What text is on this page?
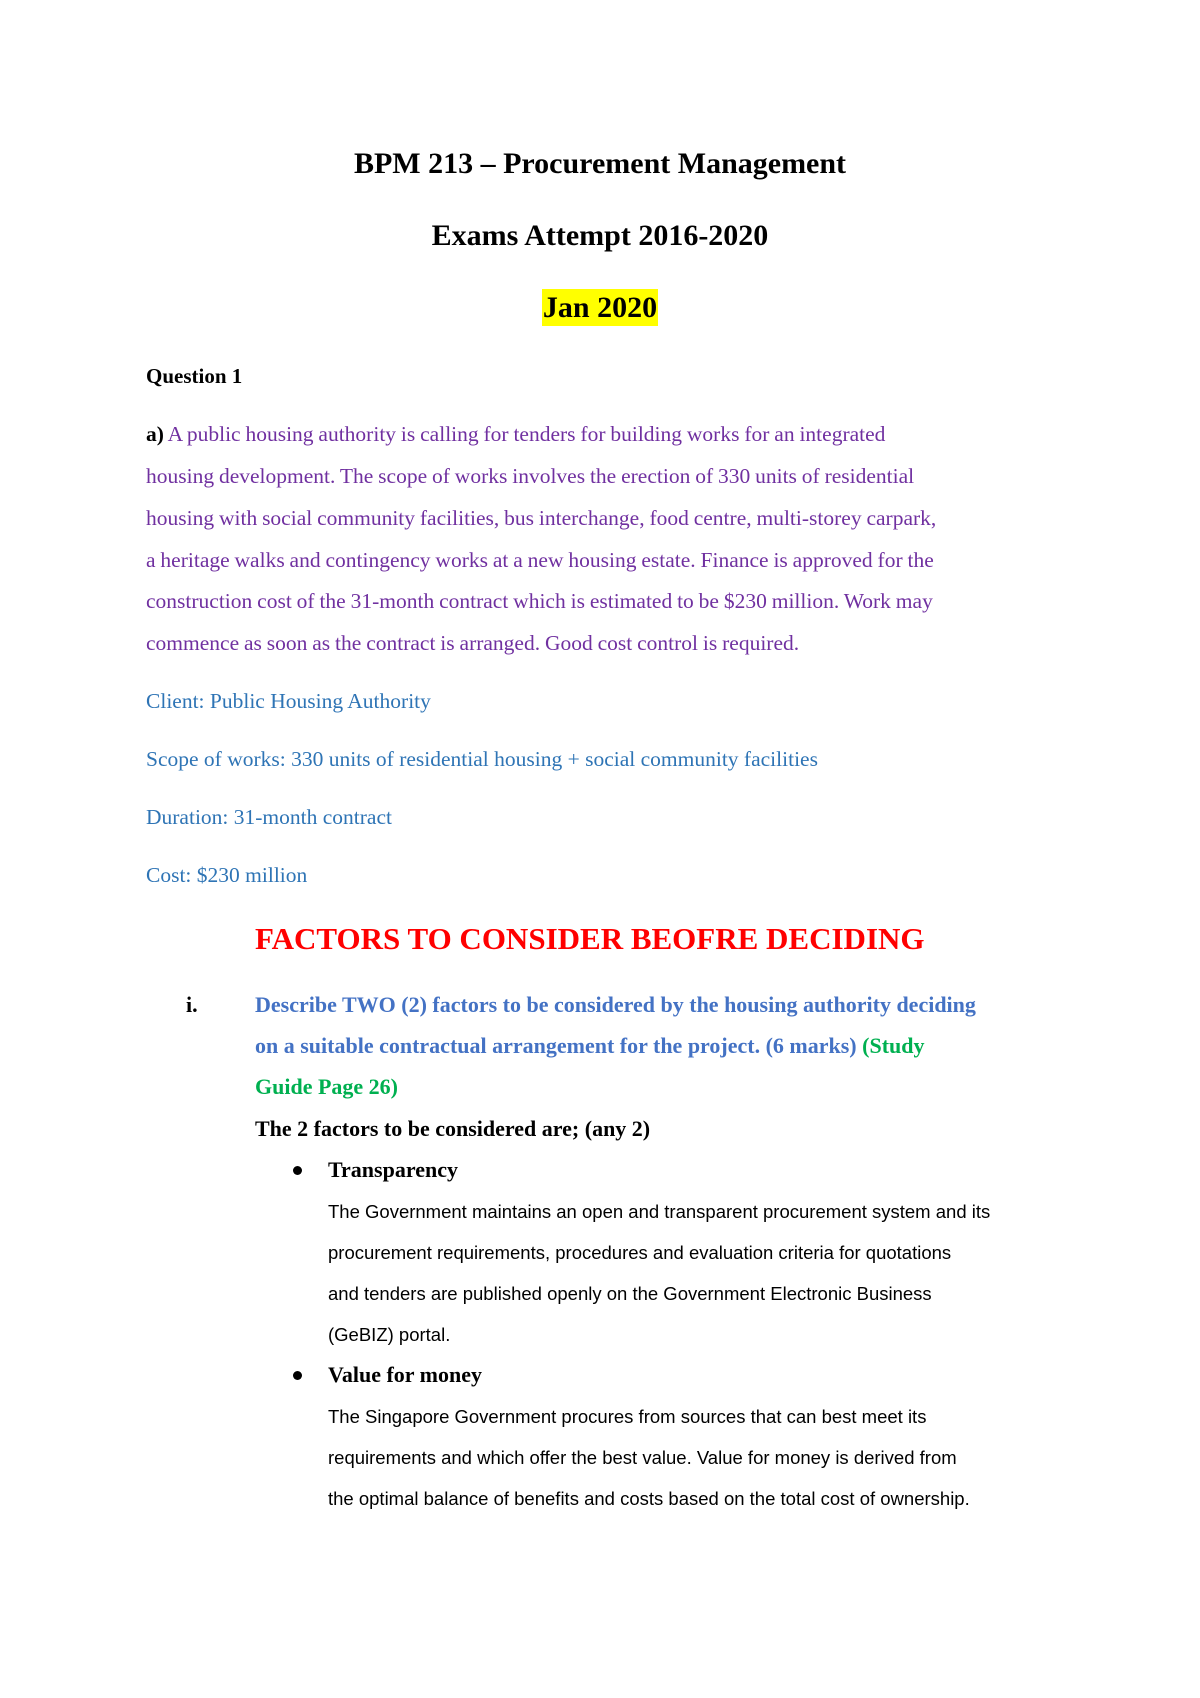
BPM 213 – Procurement Management
Exams Attempt 2016-2020
Jan 2020
Question 1
a) A public housing authority is calling for tenders for building works for an integrated
housing development. The scope of works involves the erection of 330 units of residential
housing with social community facilities, bus interchange, food centre, multi-storey carpark,
a heritage walks and contingency works at a new housing estate. Finance is approved for the
construction cost of the 31-month contract which is estimated to be $230 million. Work may
commence as soon as the contract is arranged. Good cost control is required.
Client: Public Housing Authority
Scope of works: 330 units of residential housing + social community facilities
Duration: 31-month contract
Cost: $230 million
FACTORS TO CONSIDER BEOFRE DECIDING
i.	Describe TWO (2) factors to be considered by the housing authority deciding
on a suitable contractual arrangement for the project. (6 marks) (Study
Guide Page 26)
The 2 factors to be considered are; (any 2)
Transparency
The Government maintains an open and transparent procurement system and its
procurement requirements, procedures and evaluation criteria for quotations
and tenders are published openly on the Government Electronic Business
(GeBIZ) portal.
Value for money
The Singapore Government procures from sources that can best meet its
requirements and which offer the best value. Value for money is derived from
the optimal balance of benefits and costs based on the total cost of ownership.
